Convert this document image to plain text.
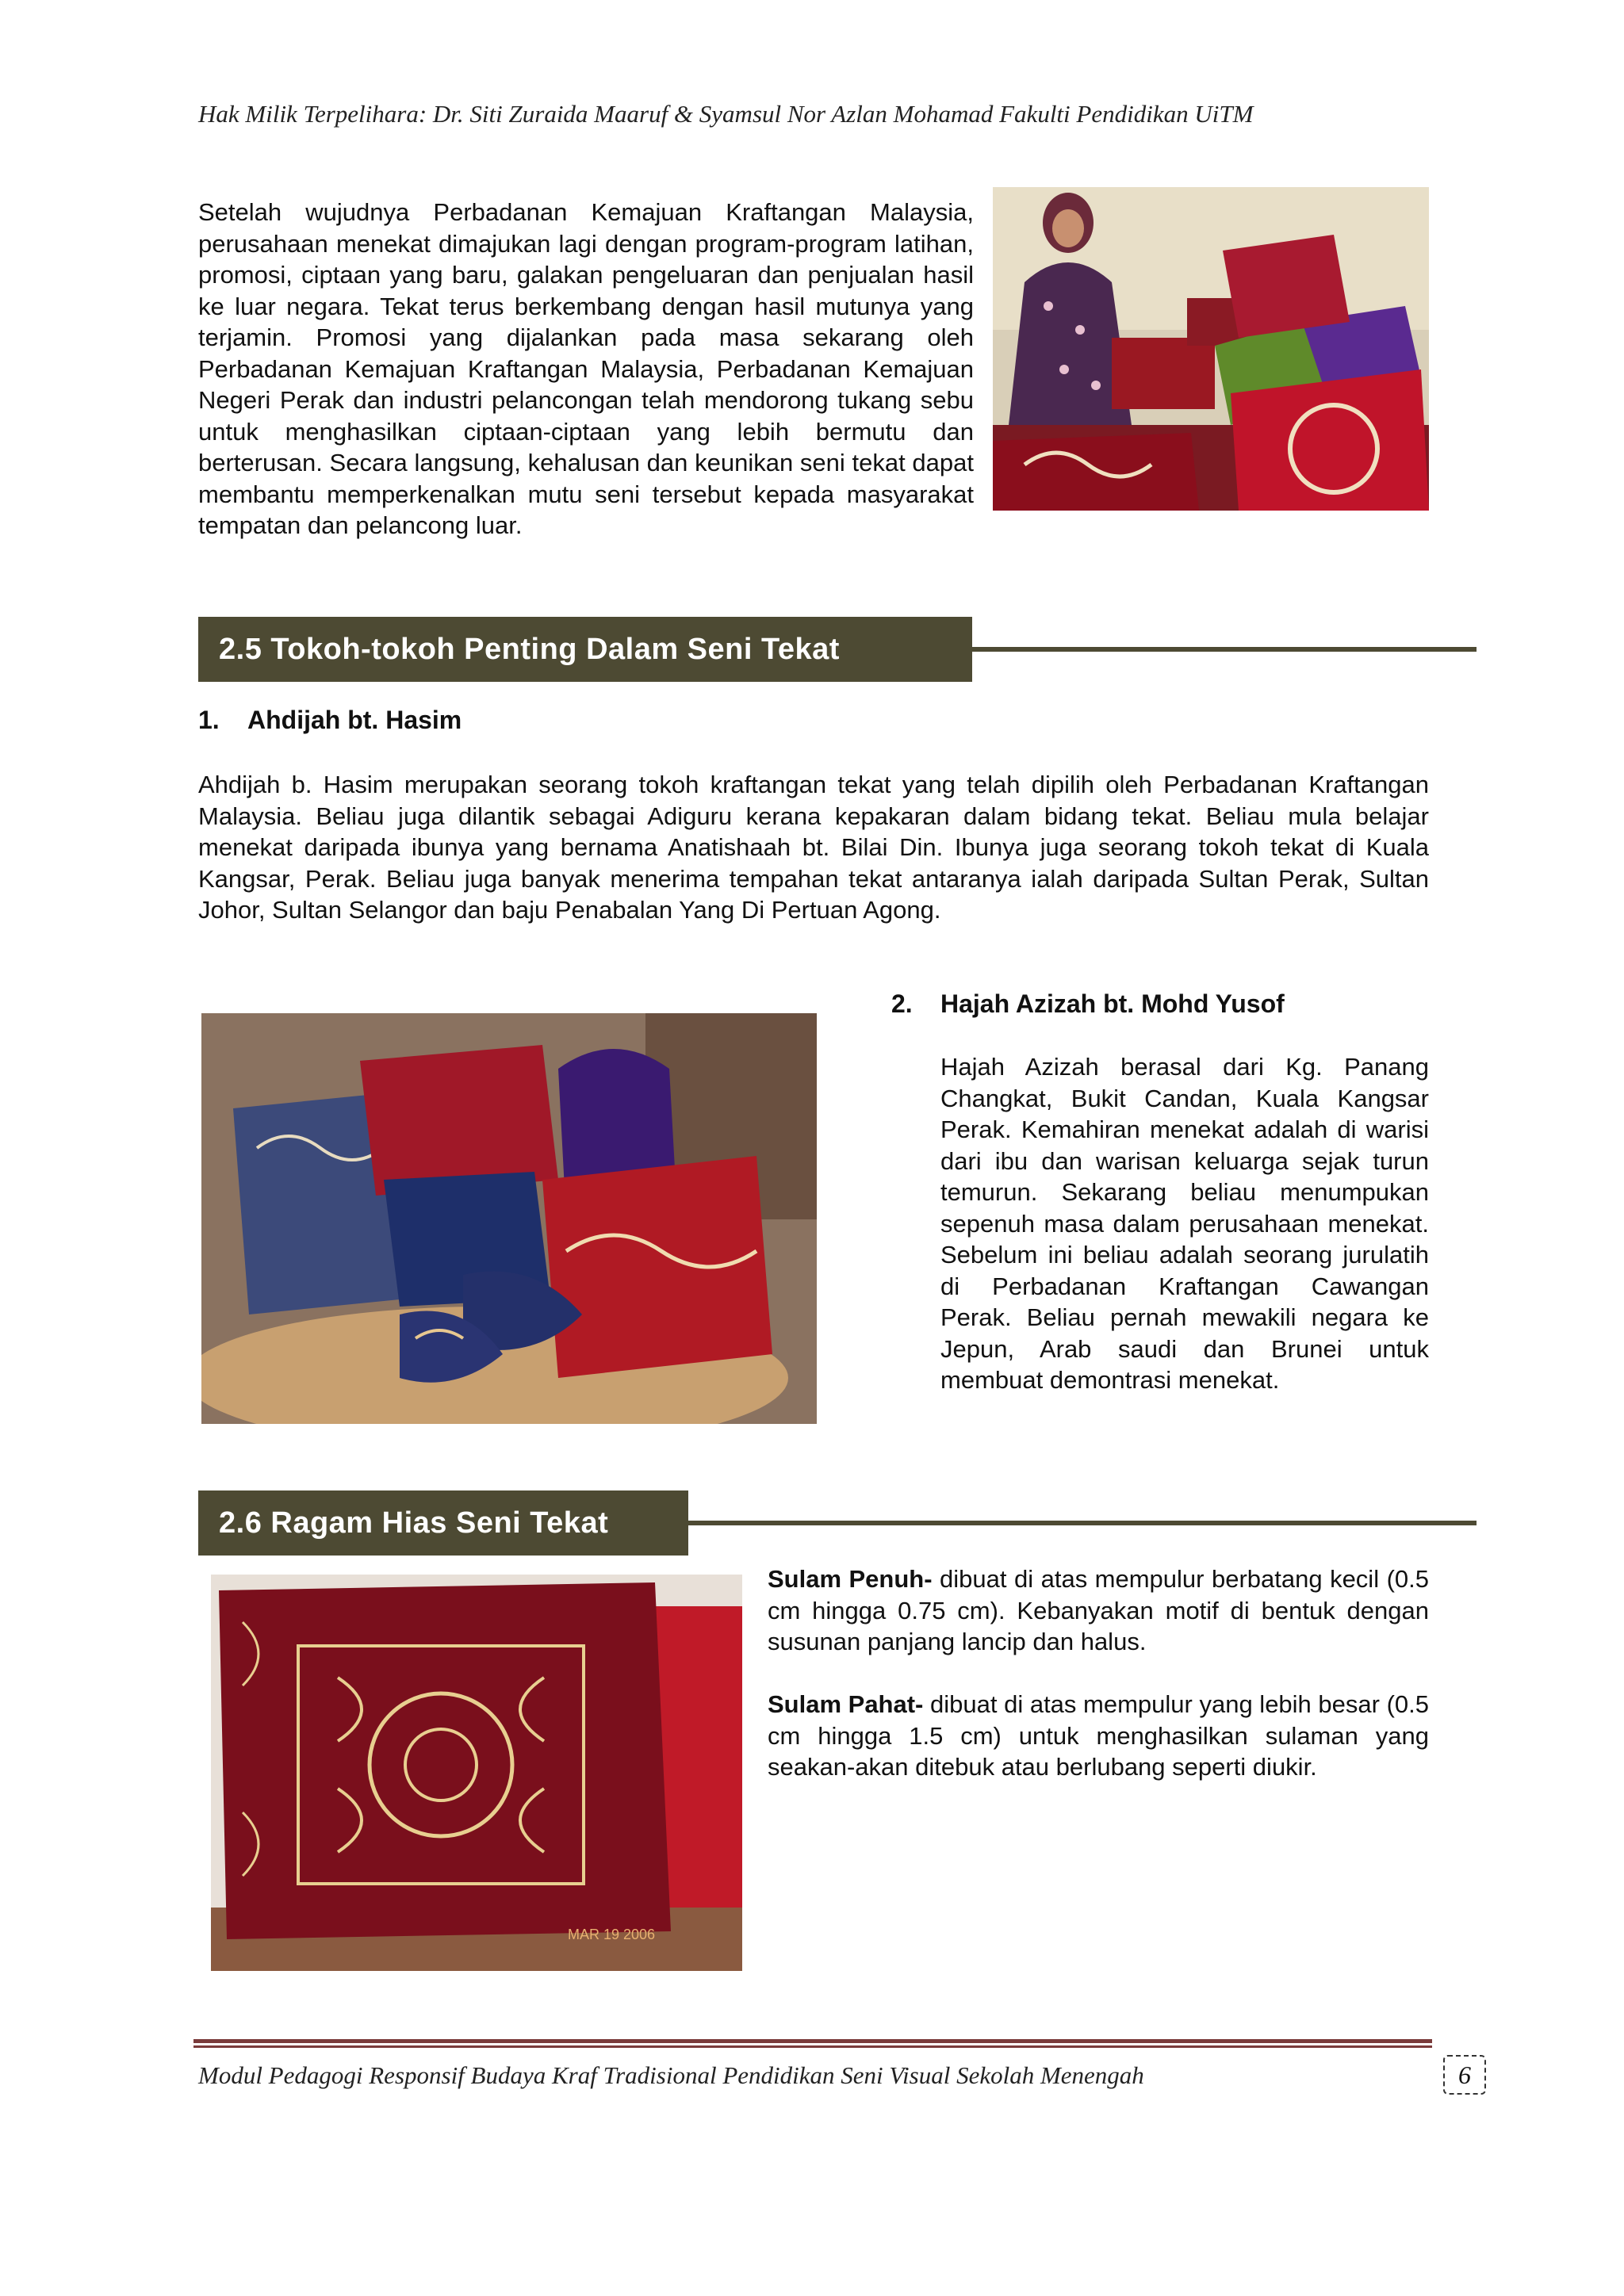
Hak Milik Terpelihara: Dr. Siti Zuraida Maaruf & Syamsul Nor Azlan Mohamad Fakulti Pendidikan UiTM

Setelah wujudnya Perbadanan Kemajuan Kraftangan Malaysia, perusahaan menekat dimajukan lagi dengan program-program latihan, promosi, ciptaan yang baru, galakan pengeluaran dan penjualan hasil ke luar negara. Tekat terus berkembang dengan hasil mutunya yang terjamin. Promosi yang dijalankan pada masa sekarang oleh Perbadanan Kemajuan Kraftangan Malaysia, Perbadanan Kemajuan Negeri Perak dan industri pelancongan telah mendorong tukang sebu untuk menghasilkan ciptaan-ciptaan yang lebih bermutu dan berterusan. Secara langsung, kehalusan dan keunikan seni tekat dapat membantu memperkenalkan mutu seni tersebut kepada masyarakat tempatan dan pelancong luar.

2.5 Tokoh-tokoh Penting Dalam Seni Tekat
1. Ahdijah bt. Hasim

Ahdijah b. Hasim merupakan seorang tokoh kraftangan tekat yang telah dipilih oleh Perbadanan Kraftangan Malaysia. Beliau juga dilantik sebagai Adiguru kerana kepakaran dalam bidang tekat. Beliau mula belajar menekat daripada ibunya yang bernama Anatishaah bt. Bilai Din. Ibunya juga seorang tokoh tekat di Kuala Kangsar, Perak. Beliau juga banyak menerima tempahan tekat antaranya ialah daripada Sultan Perak, Sultan Johor, Sultan Selangor dan baju Penabalan Yang Di Pertuan Agong.

2. Hajah Azizah bt. Mohd Yusof

Hajah Azizah berasal dari Kg. Panang Changkat, Bukit Candan, Kuala Kangsar Perak. Kemahiran menekat adalah di warisi dari ibu dan warisan keluarga sejak turun temurun. Sekarang beliau menumpukan sepenuh masa dalam perusahaan menekat. Sebelum ini beliau adalah seorang jurulatih di Perbadanan Kraftangan Cawangan Perak. Beliau pernah mewakili negara ke Jepun, Arab saudi dan Brunei untuk membuat demontrasi menekat.

2.6 Ragam Hias Seni Tekat
MAR 19 2006

Sulam Penuh- dibuat di atas mempulur berbatang kecil (0.5 cm hingga 0.75 cm). Kebanyakan motif di bentuk dengan susunan panjang lancip dan halus.

Sulam Pahat- dibuat di atas mempulur yang lebih besar (0.5 cm hingga 1.5 cm) untuk menghasilkan sulaman yang seakan-akan ditebuk atau berlubang seperti diukir.

Modul Pedagogi Responsif Budaya Kraf Tradisional Pendidikan Seni Visual Sekolah Menengah	6
